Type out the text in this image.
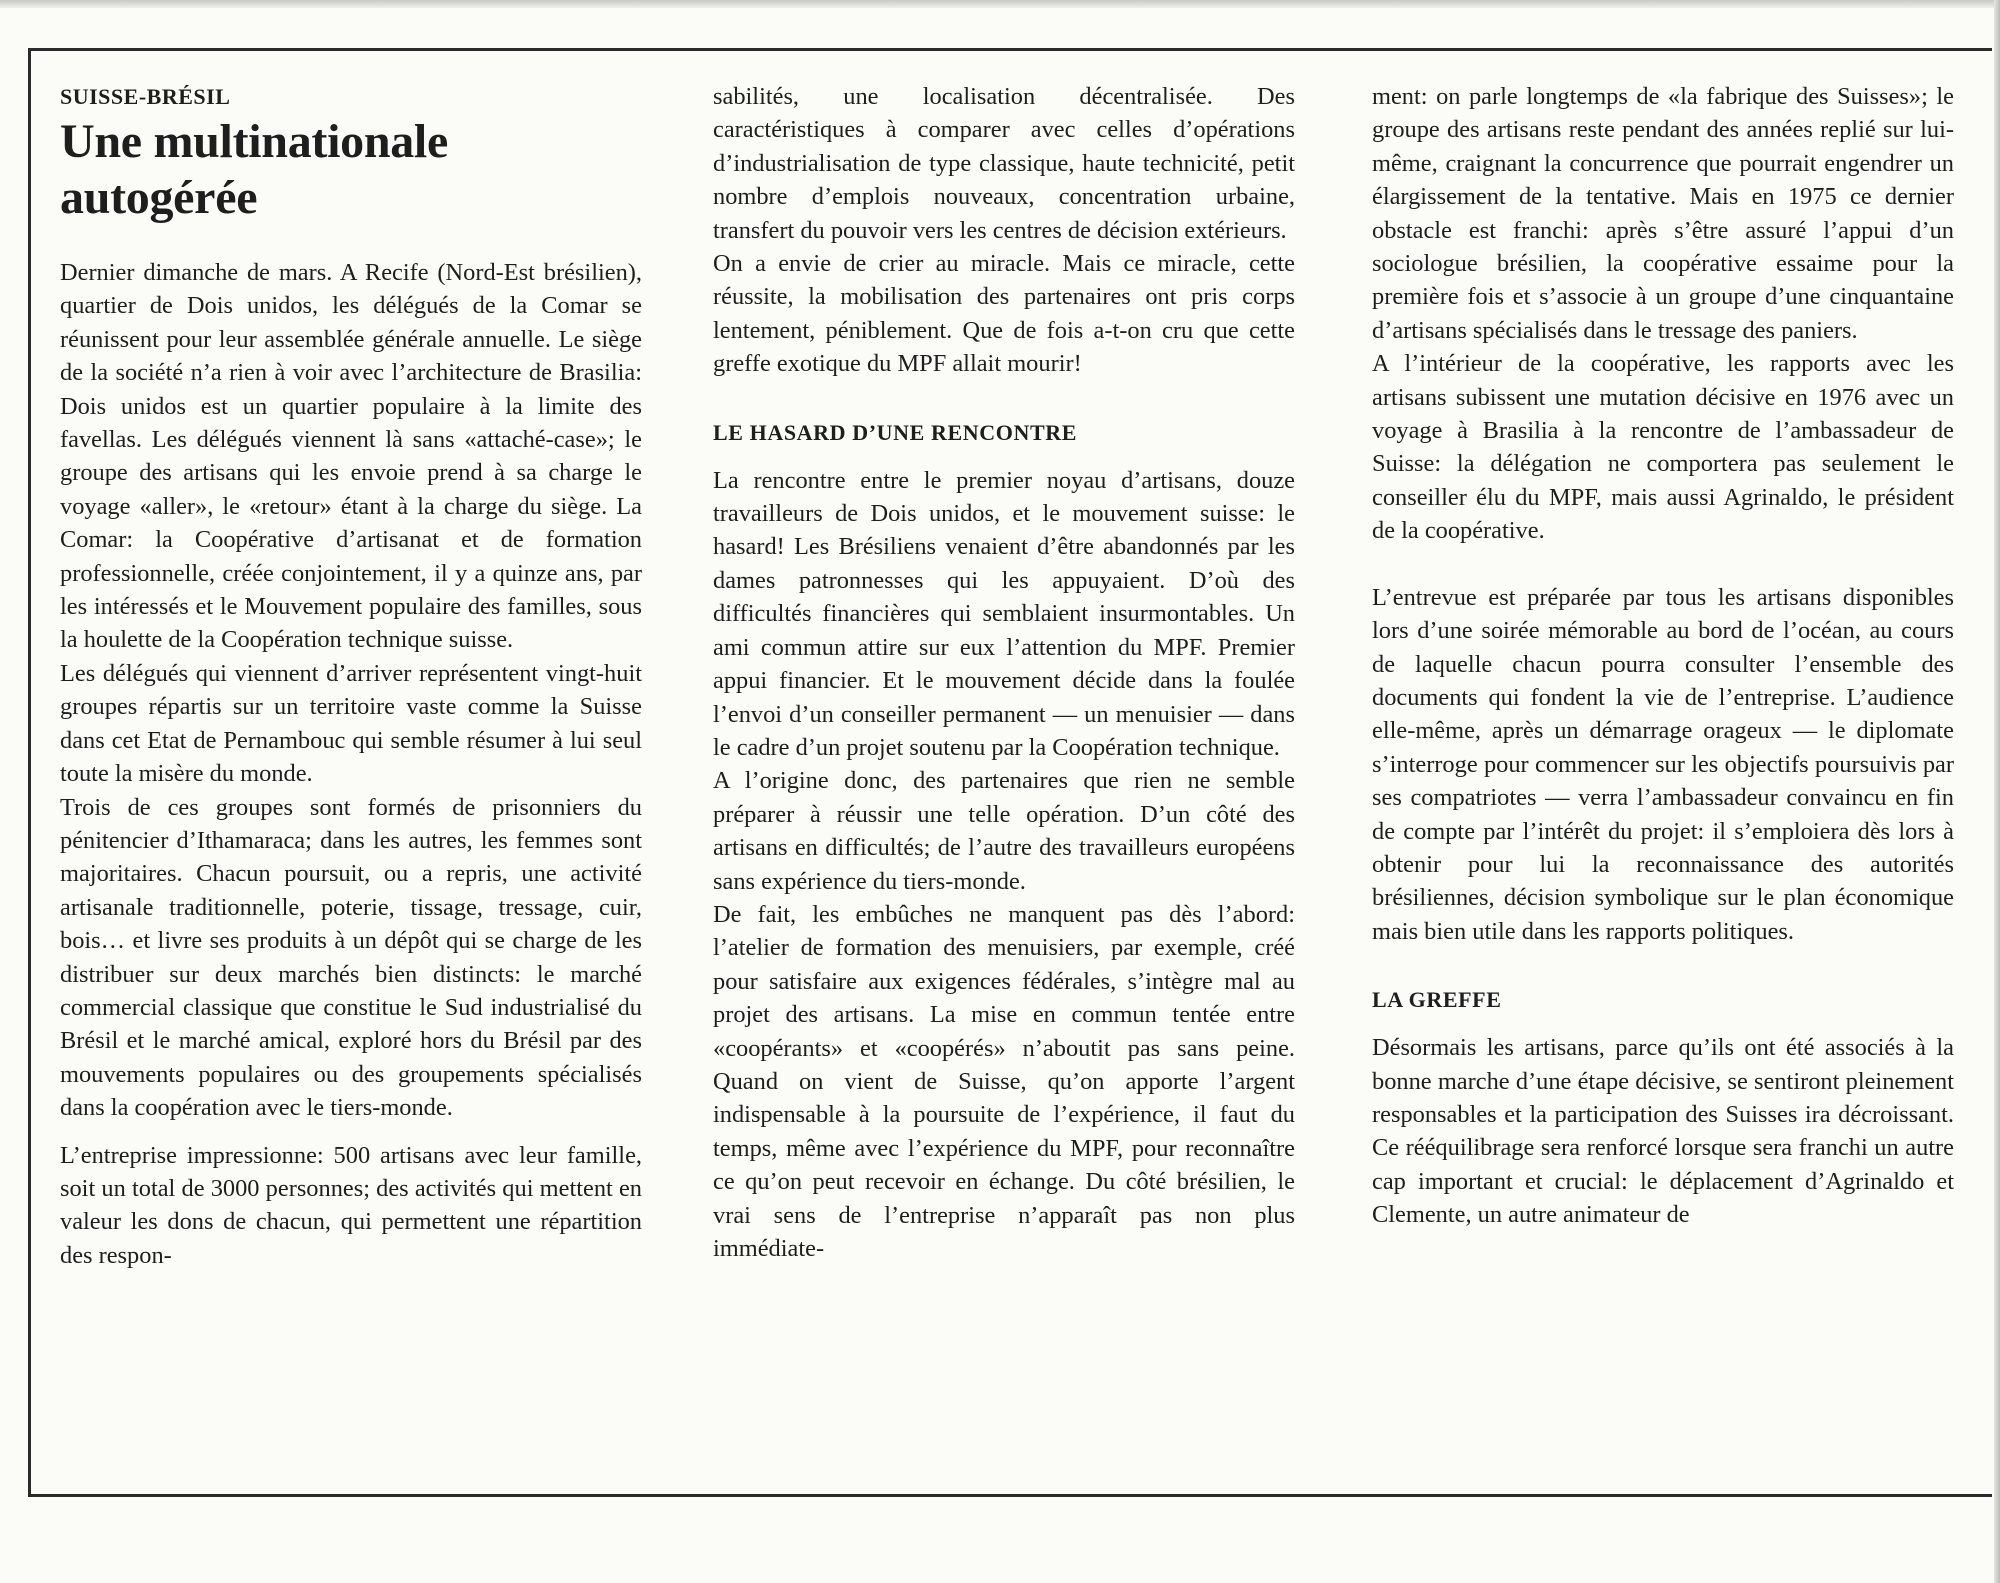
SUISSE-BRÉSIL
Une multinationale autogérée

Dernier dimanche de mars. A Recife (Nord-Est brésilien), quartier de Dois unidos, les délégués de la Comar se réunissent pour leur assemblée générale annuelle. Le siège de la société n’a rien à voir avec l’architecture de Brasilia: Dois unidos est un quartier populaire à la limite des favellas. Les délégués viennent là sans «attaché-case»; le groupe des artisans qui les envoie prend à sa charge le voyage «aller», le «retour» étant à la charge du siège. La Comar: la Coopérative d’artisanat et de formation professionnelle, créée conjointement, il y a quinze ans, par les intéressés et le Mouvement populaire des familles, sous la houlette de la Coopération technique suisse.

Les délégués qui viennent d’arriver représentent vingt-huit groupes répartis sur un territoire vaste comme la Suisse dans cet Etat de Pernambouc qui semble résumer à lui seul toute la misère du monde.

Trois de ces groupes sont formés de prisonniers du pénitencier d’Ithamaraca; dans les autres, les femmes sont majoritaires. Chacun poursuit, ou a repris, une activité artisanale traditionnelle, poterie, tissage, tressage, cuir, bois… et livre ses produits à un dépôt qui se charge de les distribuer sur deux marchés bien distincts: le marché commercial classique que constitue le Sud industrialisé du Brésil et le marché amical, exploré hors du Brésil par des mouvements populaires ou des groupements spécialisés dans la coopération avec le tiers-monde.

L’entreprise impressionne: 500 artisans avec leur famille, soit un total de 3000 personnes; des activités qui mettent en valeur les dons de chacun, qui permettent une répartition des respon-

sabilités, une localisation décentralisée. Des caractéristiques à comparer avec celles d’opérations d’industrialisation de type classique, haute technicité, petit nombre d’emplois nouveaux, concentration urbaine, transfert du pouvoir vers les centres de décision extérieurs.

On a envie de crier au miracle. Mais ce miracle, cette réussite, la mobilisation des partenaires ont pris corps lentement, péniblement. Que de fois a-t-on cru que cette greffe exotique du MPF allait mourir!

LE HASARD D’UNE RENCONTRE

La rencontre entre le premier noyau d’artisans, douze travailleurs de Dois unidos, et le mouvement suisse: le hasard! Les Brésiliens venaient d’être abandonnés par les dames patronnesses qui les appuyaient. D’où des difficultés financières qui semblaient insurmontables. Un ami commun attire sur eux l’attention du MPF. Premier appui financier. Et le mouvement décide dans la foulée l’envoi d’un conseiller permanent — un menuisier — dans le cadre d’un projet soutenu par la Coopération technique.

A l’origine donc, des partenaires que rien ne semble préparer à réussir une telle opération. D’un côté des artisans en difficultés; de l’autre des travailleurs européens sans expérience du tiers-monde.

De fait, les embûches ne manquent pas dès l’abord: l’atelier de formation des menuisiers, par exemple, créé pour satisfaire aux exigences fédérales, s’intègre mal au projet des artisans. La mise en commun tentée entre «coopérants» et «coopérés» n’aboutit pas sans peine. Quand on vient de Suisse, qu’on apporte l’argent indispensable à la poursuite de l’expérience, il faut du temps, même avec l’expérience du MPF, pour reconnaître ce qu’on peut recevoir en échange. Du côté brésilien, le vrai sens de l’entreprise n’apparaît pas non plus immédiate-

ment: on parle longtemps de «la fabrique des Suisses»; le groupe des artisans reste pendant des années replié sur lui-même, craignant la concurrence que pourrait engendrer un élargissement de la tentative. Mais en 1975 ce dernier obstacle est franchi: après s’être assuré l’appui d’un sociologue brésilien, la coopérative essaime pour la première fois et s’associe à un groupe d’une cinquantaine d’artisans spécialisés dans le tressage des paniers.

A l’intérieur de la coopérative, les rapports avec les artisans subissent une mutation décisive en 1976 avec un voyage à Brasilia à la rencontre de l’ambassadeur de Suisse: la délégation ne comportera pas seulement le conseiller élu du MPF, mais aussi Agrinaldo, le président de la coopérative.

L’entrevue est préparée par tous les artisans disponibles lors d’une soirée mémorable au bord de l’océan, au cours de laquelle chacun pourra consulter l’ensemble des documents qui fondent la vie de l’entreprise. L’audience elle-même, après un démarrage orageux — le diplomate s’interroge pour commencer sur les objectifs poursuivis par ses compatriotes — verra l’ambassadeur convaincu en fin de compte par l’intérêt du projet: il s’emploiera dès lors à obtenir pour lui la reconnaissance des autorités brésiliennes, décision symbolique sur le plan économique mais bien utile dans les rapports politiques.

LA GREFFE

Désormais les artisans, parce qu’ils ont été associés à la bonne marche d’une étape décisive, se sentiront pleinement responsables et la participation des Suisses ira décroissant. Ce rééquilibrage sera renforcé lorsque sera franchi un autre cap important et crucial: le déplacement d’Agrinaldo et Clemente, un autre animateur de
